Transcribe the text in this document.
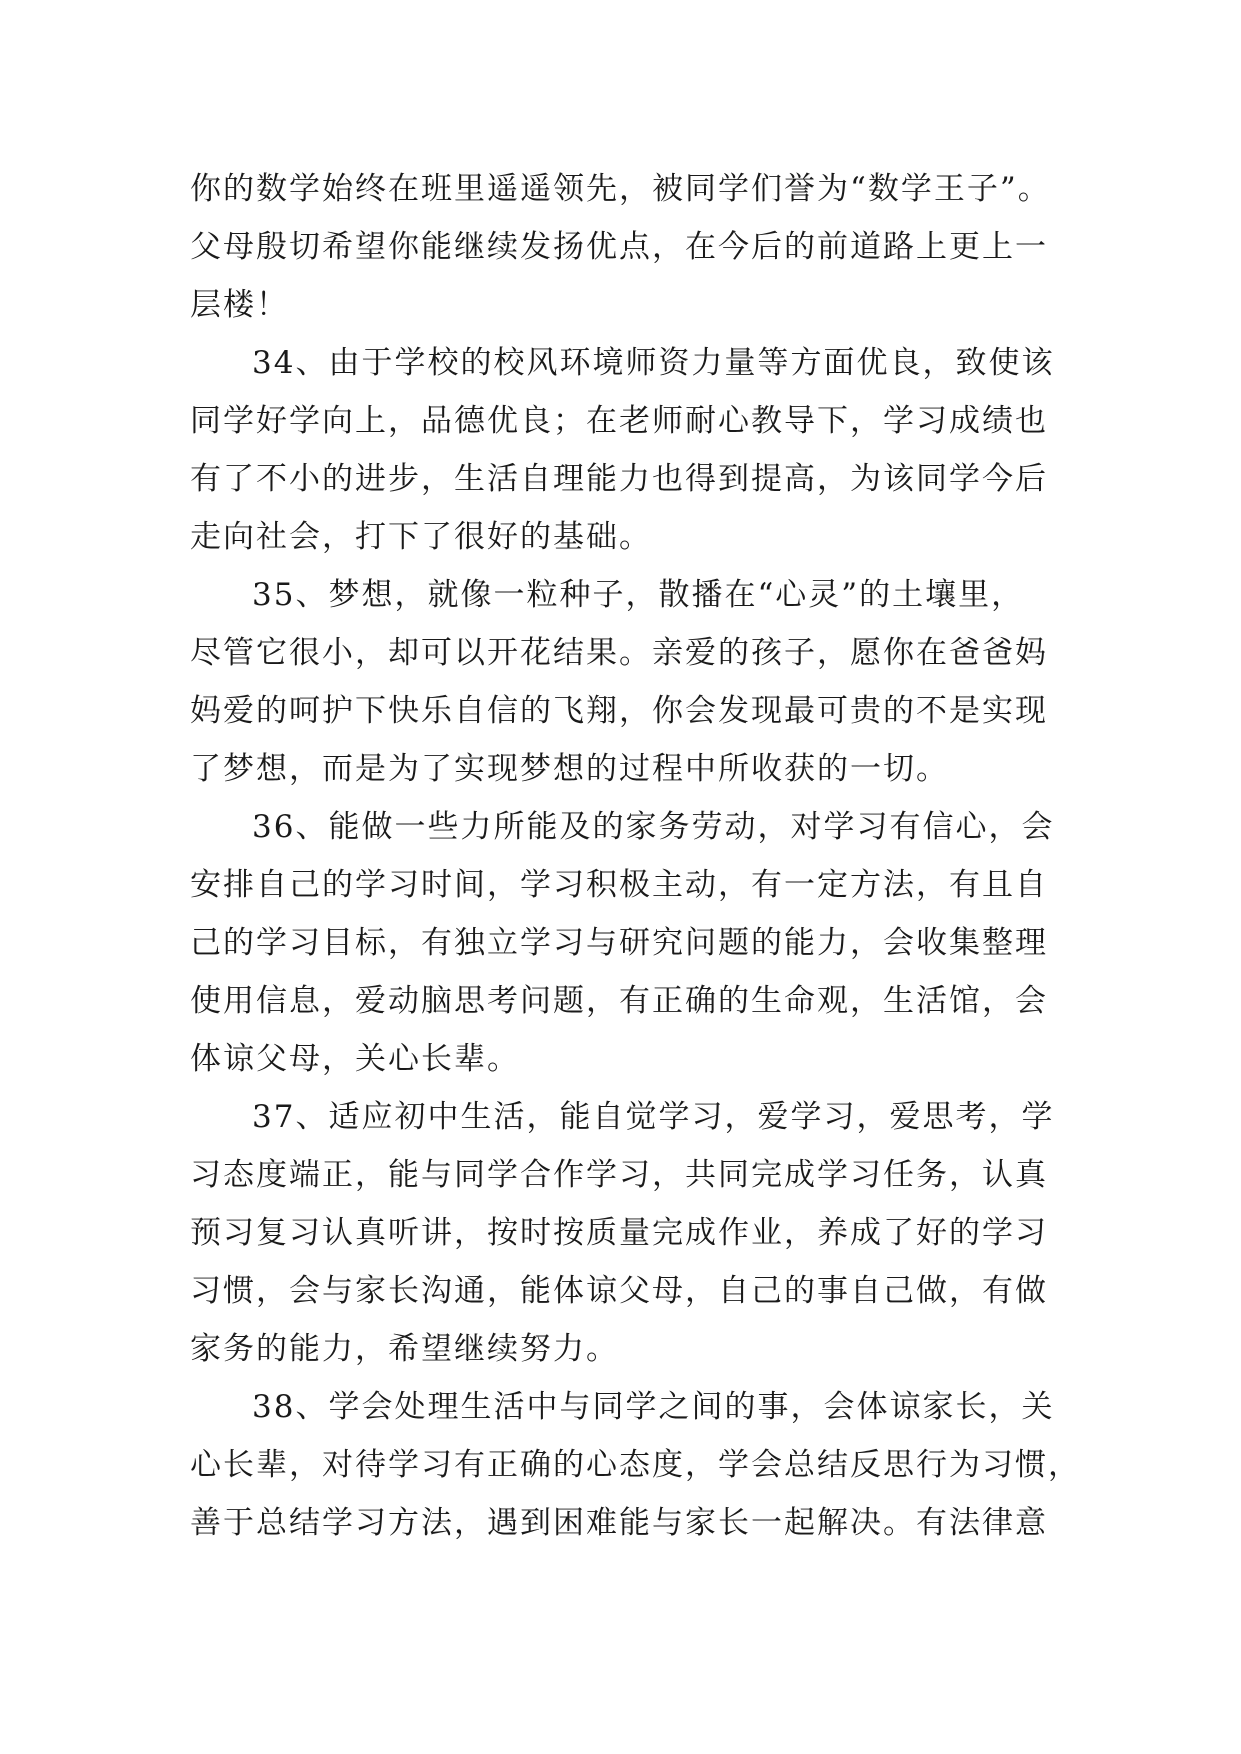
你的数学始终在班里遥遥领先，被同学们誉为“数学王子”。
父母殷切希望你能继续发扬优点，在今后的前道路上更上一
层楼！
34、由于学校的校风环境师资力量等方面优良，致使该
同学好学向上，品德优良；在老师耐心教导下，学习成绩也
有了不小的进步，生活自理能力也得到提高，为该同学今后
走向社会，打下了很好的基础。
35、梦想，就像一粒种子，散播在“心灵”的土壤里，
尽管它很小，却可以开花结果。亲爱的孩子，愿你在爸爸妈
妈爱的呵护下快乐自信的飞翔，你会发现最可贵的不是实现
了梦想，而是为了实现梦想的过程中所收获的一切。
36、能做一些力所能及的家务劳动，对学习有信心，会
安排自己的学习时间，学习积极主动，有一定方法，有且自
己的学习目标，有独立学习与研究问题的能力，会收集整理
使用信息，爱动脑思考问题，有正确的生命观，生活馆，会
体谅父母，关心长辈。
37、适应初中生活，能自觉学习，爱学习，爱思考，学
习态度端正，能与同学合作学习，共同完成学习任务，认真
预习复习认真听讲，按时按质量完成作业，养成了好的学习
习惯，会与家长沟通，能体谅父母，自己的事自己做，有做
家务的能力，希望继续努力。
38、学会处理生活中与同学之间的事，会体谅家长，关
心长辈，对待学习有正确的心态度，学会总结反思行为习惯，
善于总结学习方法，遇到困难能与家长一起解决。有法律意
